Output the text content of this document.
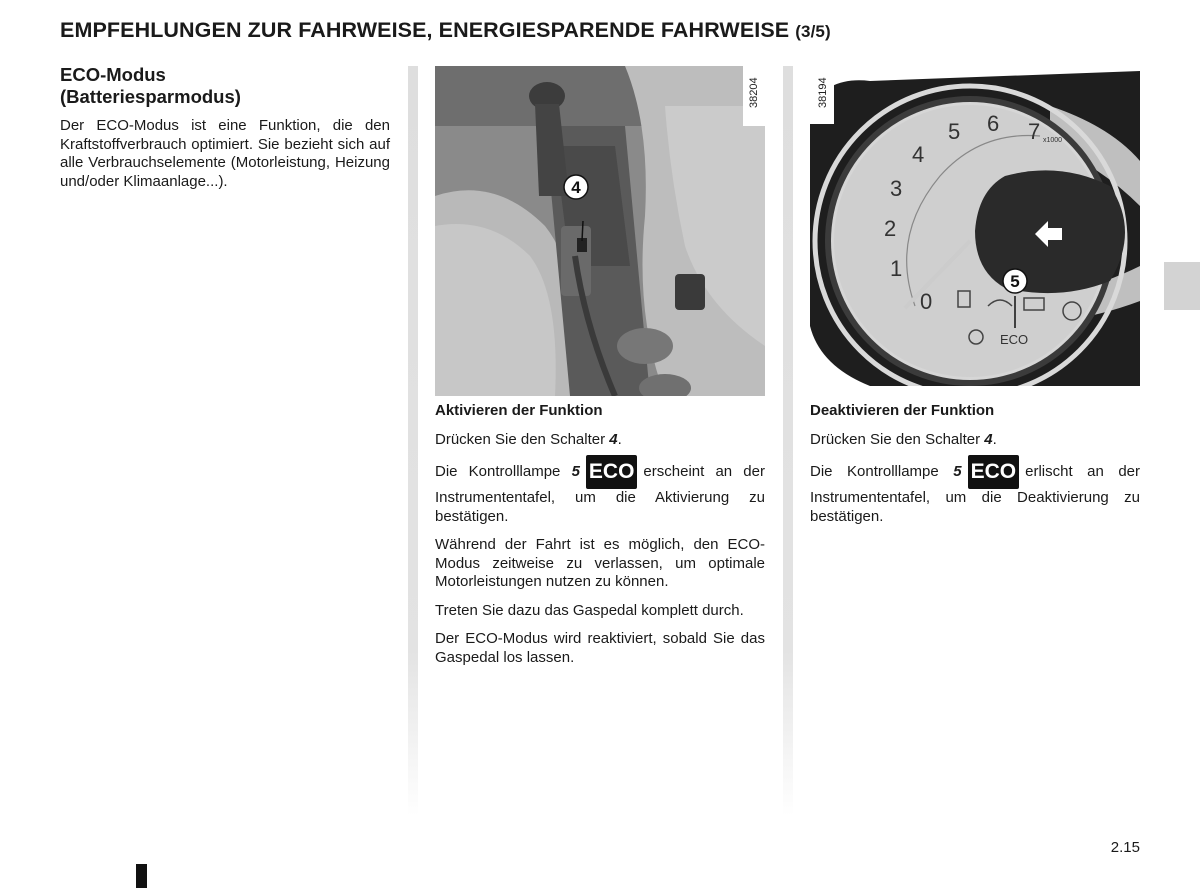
EMPFEHLUNGEN ZUR FAHRWEISE, ENERGIESPARENDE FAHRWEISE (3/5)
ECO-Modus
(Batteriesparmodus)

Der ECO-Modus ist eine Funktion, die den Kraftstoffverbrauch optimiert. Sie bezieht sich auf alle Verbrauchselemente (Motorleistung, Heizung und/oder Klimaanlage...).

38204
4
0
1
2
3
4
5 6 7 x1000
ECO
38194
5
Aktivieren der Funktion

Drücken Sie den Schalter 4.

Die Kontrolllampe 5 ECO erscheint an der Instrumententafel, um die Aktivierung zu bestätigen.

Während der Fahrt ist es möglich, den ECO-Modus zeitweise zu verlassen, um optimale Motorleistungen nutzen zu können.

Treten Sie dazu das Gaspedal komplett durch.

Der ECO-Modus wird reaktiviert, sobald Sie das Gaspedal los lassen.

Deaktivieren der Funktion

Drücken Sie den Schalter 4.

Die Kontrolllampe 5 ECO erlischt an der Instrumententafel, um die Deaktivierung zu bestätigen.

2.15
